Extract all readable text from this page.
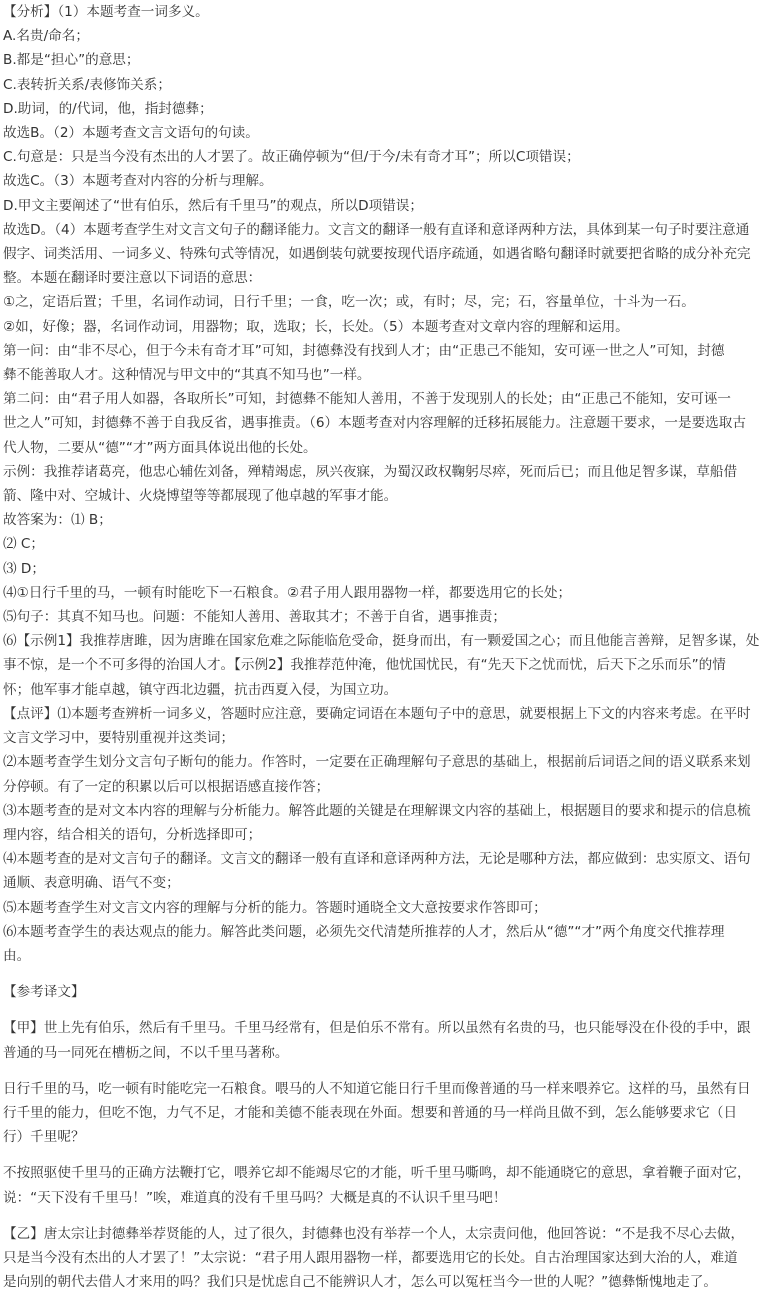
【分析】（1）本题考查一词多义。
A.名贵/命名；
B.都是“担心”的意思；
C.表转折关系/表修饰关系；
D.助词，的/代词，他，指封德彝；
故选B。（2）本题考查文言文语句的句读。
C.句意是：只是当今没有杰出的人才罢了。故正确停顿为“但/于今/未有奇才耳”；所以C项错误；
故选C。（3）本题考查对内容的分析与理解。
D.甲文主要阐述了“世有伯乐，然后有千里马”的观点，所以D项错误；
故选D。（4）本题考查学生对文言文句子的翻译能力。文言文的翻译一般有直译和意译两种方法，具体到某一句子时要注意通
假字、词类活用、一词多义、特殊句式等情况，如遇倒装句就要按现代语序疏通，如遇省略句翻译时就要把省略的成分补充完
整。本题在翻译时要注意以下词语的意思：
①之，定语后置；千里，名词作动词，日行千里；一食，吃一次；或，有时；尽，完；石，容量单位，十斗为一石。
②如，好像；器，名词作动词，用器物；取，选取；长，长处。（5）本题考查对文章内容的理解和运用。
第一问：由“非不尽心，但于今未有奇才耳”可知，封德彝没有找到人才；由“正患己不能知，安可诬一世之人”可知，封德
彝不能善取人才。这种情况与甲文中的“其真不知马也”一样。
第二问：由“君子用人如器，各取所长”可知，封德彝不能知人善用，不善于发现别人的长处；由“正患己不能知，安可诬一
世之人”可知，封德彝不善于自我反省，遇事推责。（6）本题考查对内容理解的迁移拓展能力。注意题干要求，一是要选取古
代人物，二要从“德”“才”两方面具体说出他的长处。
示例：我推荐诸葛亮，他忠心辅佐刘备，殚精竭虑，夙兴夜寐，为蜀汉政权鞠躬尽瘁，死而后已；而且他足智多谋，草船借
箭、隆中对、空城计、火烧博望等等都展现了他卓越的军事才能。
故答案为：⑴ B；
⑵ C；
⑶ D；
⑷①日行千里的马，一顿有时能吃下一石粮食。②君子用人跟用器物一样，都要选用它的长处；
⑸句子：其真不知马也。问题：不能知人善用、善取其才；不善于自省，遇事推责；
⑹【示例1】我推荐唐雎，因为唐雎在国家危难之际能临危受命，挺身而出，有一颗爱国之心；而且他能言善辩，足智多谋，处
事不惊，是一个不可多得的治国人才。【示例2】我推荐范仲淹，他忧国忧民，有“先天下之忧而忧，后天下之乐而乐”的情
怀；他军事才能卓越，镇守西北边疆，抗击西夏入侵，为国立功。
【点评】⑴本题考查辨析一词多义，答题时应注意，要确定词语在本题句子中的意思，就要根据上下文的内容来考虑。在平时
文言文学习中，要特别重视并这类词；
⑵本题考查学生划分文言句子断句的能力。作答时，一定要在正确理解句子意思的基础上，根据前后词语之间的语义联系来划
分停顿。有了一定的积累以后可以根据语感直接作答；
⑶本题考查的是对文本内容的理解与分析能力。解答此题的关键是在理解课文内容的基础上，根据题目的要求和提示的信息梳
理内容，结合相关的语句，分析选择即可；
⑷本题考查的是对文言句子的翻译。文言文的翻译一般有直译和意译两种方法，无论是哪种方法，都应做到：忠实原文、语句
通顺、表意明确、语气不变；
⑸本题考查学生对文言文内容的理解与分析的能力。答题时通晓全文大意按要求作答即可；
⑹本题考查学生的表达观点的能力。解答此类问题，必须先交代清楚所推荐的人才，然后从“德”“才”两个角度交代推荐理
由。
【参考译文】
【甲】世上先有伯乐，然后有千里马。千里马经常有，但是伯乐不常有。所以虽然有名贵的马，也只能辱没在仆役的手中，跟
普通的马一同死在槽枥之间，不以千里马著称。
日行千里的马，吃一顿有时能吃完一石粮食。喂马的人不知道它能日行千里而像普通的马一样来喂养它。这样的马，虽然有日
行千里的能力，但吃不饱，力气不足，才能和美德不能表现在外面。想要和普通的马一样尚且做不到，怎么能够要求它（日
行）千里呢？
不按照驱使千里马的正确方法鞭打它，喂养它却不能竭尽它的才能，听千里马嘶鸣，却不能通晓它的意思，拿着鞭子面对它，
说：“天下没有千里马！”唉，难道真的没有千里马吗？大概是真的不认识千里马吧！
【乙】唐太宗让封德彝举荐贤能的人，过了很久，封德彝也没有举荐一个人，太宗责问他，他回答说：“不是我不尽心去做，
只是当今没有杰出的人才罢了！”太宗说：“君子用人跟用器物一样，都要选用它的长处。自古治理国家达到大治的人，难道
是向别的朝代去借人才来用的吗？我们只是忧虑自己不能辨识人才，怎么可以冤枉当今一世的人呢？”德彝惭愧地走了。
